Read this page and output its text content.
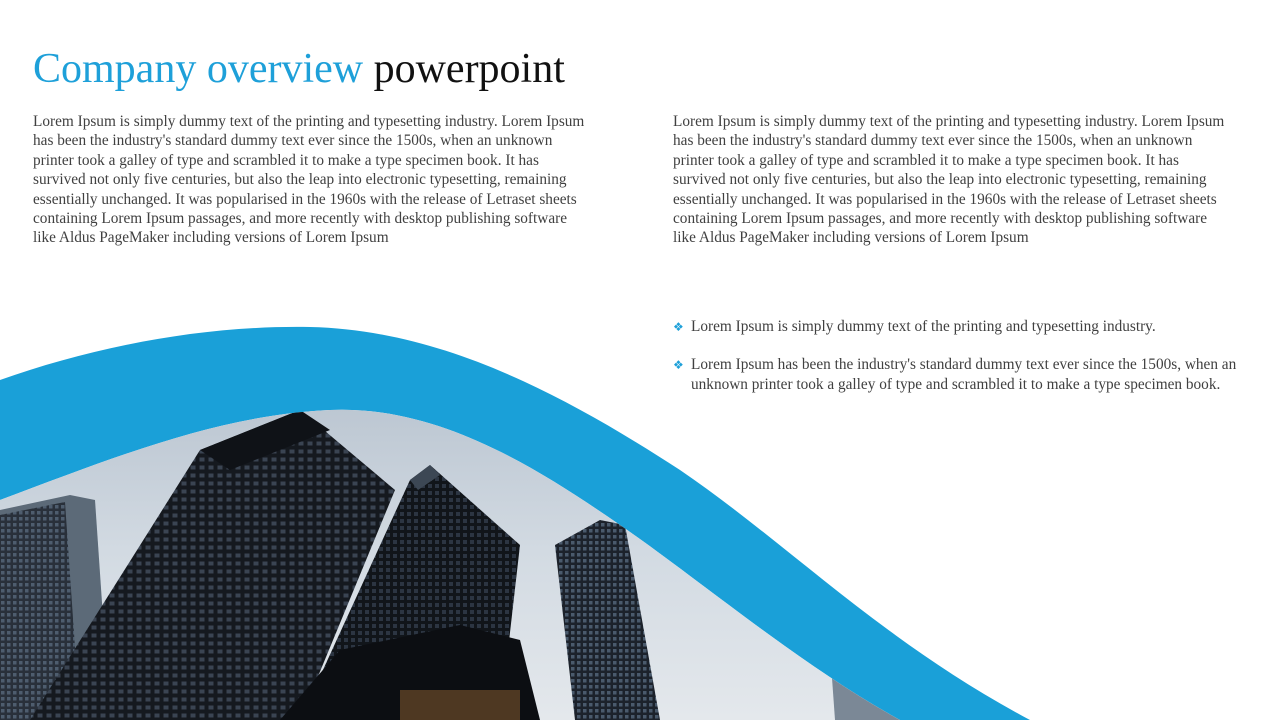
Company overview powerpoint

Lorem Ipsum is simply dummy text of the printing and typesetting industry. Lorem Ipsum has been the industry's standard dummy text ever since the 1500s, when an unknown printer took a galley of type and scrambled it to make a type specimen book. It has survived not only five centuries, but also the leap into electronic typesetting, remaining essentially unchanged. It was popularised in the 1960s with the release of Letraset sheets containing Lorem Ipsum passages, and more recently with desktop publishing software like Aldus PageMaker including versions of Lorem Ipsum

Lorem Ipsum is simply dummy text of the printing and typesetting industry. Lorem Ipsum has been the industry's standard dummy text ever since the 1500s, when an unknown printer took a galley of type and scrambled it to make a type specimen book. It has survived not only five centuries, but also the leap into electronic typesetting, remaining essentially unchanged. It was popularised in the 1960s with the release of Letraset sheets containing Lorem Ipsum passages, and more recently with desktop publishing software like Aldus PageMaker including versions of Lorem Ipsum

❖ Lorem Ipsum is simply dummy text of the printing and typesetting industry.
❖ Lorem Ipsum has been the industry's standard dummy text ever since the 1500s, when an unknown printer took a galley of type and scrambled it to make a type specimen book.
